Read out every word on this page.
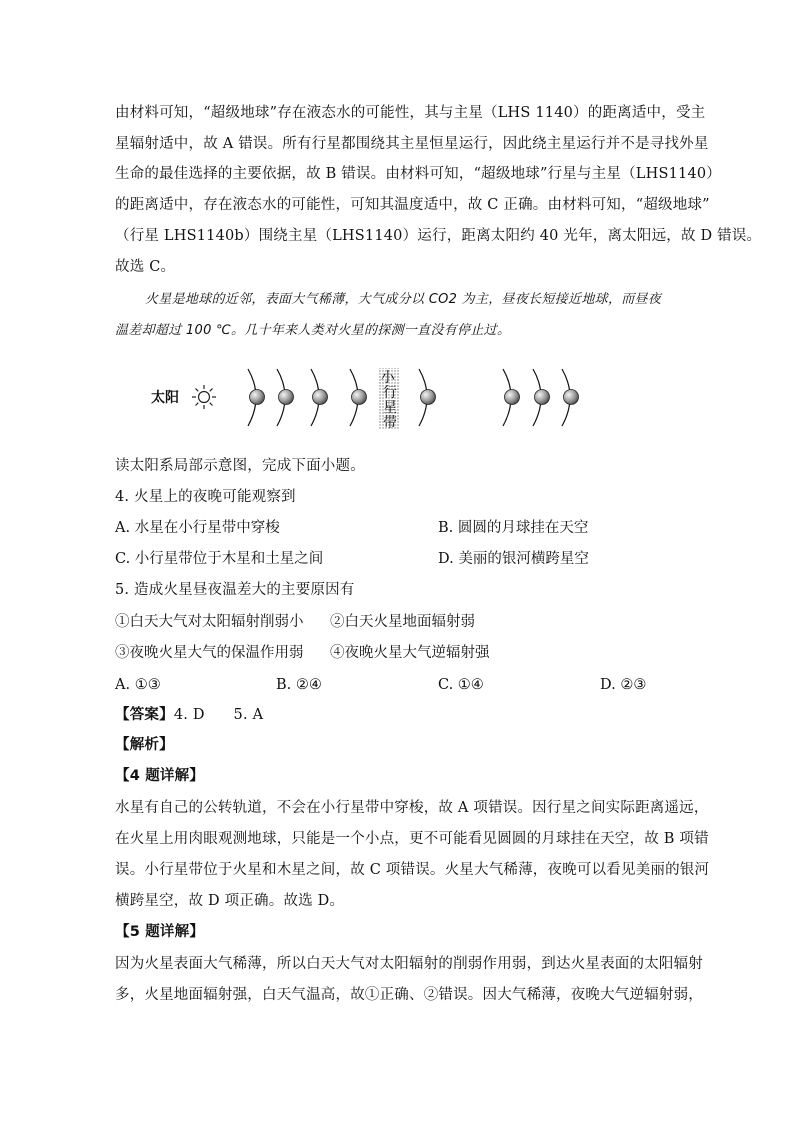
由材料可知，“超级地球”存在液态水的可能性，其与主星（LHS 1140）的距离适中，受主
星辐射适中，故 A 错误。所有行星都围绕其主星恒星运行，因此绕主星运行并不是寻找外星
生命的最佳选择的主要依据，故 B 错误。由材料可知，“超级地球”行星与主星（LHS1140）
的距离适中，存在液态水的可能性，可知其温度适中，故 C 正确。由材料可知，“超级地球”
（行星 LHS1140b）围绕主星（LHS1140）运行，距离太阳约 40 光年，离太阳远，故 D 错误。
故选 C。
火星是地球的近邻，表面大气稀薄，大气成分以 CO2 为主，昼夜长短接近地球，而昼夜
温差却超过 100 ℃。几十年来人类对火星的探测一直没有停止过。
太阳
小 行星带
读太阳系局部示意图，完成下面小题。
4. 火星上的夜晚可能观察到
A. 水星在小行星带中穿梭	B. 圆圆的月球挂在天空
C. 小行星带位于木星和土星之间	D. 美丽的银河横跨星空
5. 造成火星昼夜温差大的主要原因有
①白天大气对太阳辐射削弱小 ②白天火星地面辐射弱
③夜晚火星大气的保温作用弱 ④夜晚火星大气逆辐射强
A. ①③	B. ②④	C. ①④	D. ②③
【答案】4. D      5. A
【解析】
【4 题详解】
水星有自己的公转轨道，不会在小行星带中穿梭，故 A 项错误。因行星之间实际距离遥远，
在火星上用肉眼观测地球，只能是一个小点，更不可能看见圆圆的月球挂在天空，故 B 项错
误。小行星带位于火星和木星之间，故 C 项错误。火星大气稀薄，夜晚可以看见美丽的银河
横跨星空，故 D 项正确。故选 D。
【5 题详解】
因为火星表面大气稀薄，所以白天大气对太阳辐射的削弱作用弱，到达火星表面的太阳辐射
多，火星地面辐射强，白天气温高，故①正确、②错误。因大气稀薄，夜晚大气逆辐射弱，
